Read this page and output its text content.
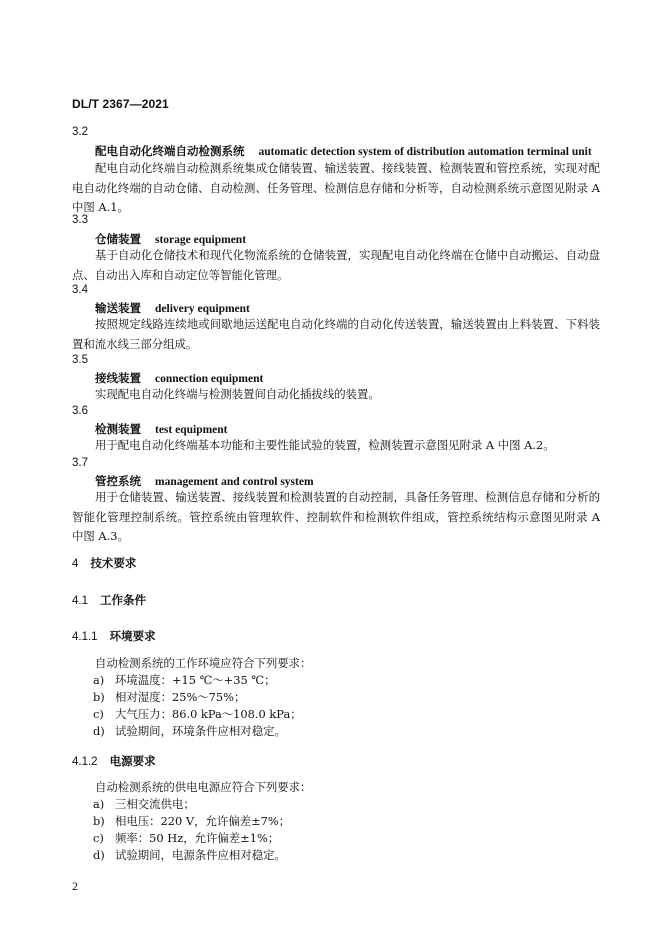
DL/T 2367—2021
3.2
配电自动化终端自动检测系统 automatic detection system of distribution automation terminal unit
配电自动化终端自动检测系统集成仓储装置、输送装置、接线装置、检测装置和管控系统，实现对配电自动化终端的自动仓储、自动检测、任务管理、检测信息存储和分析等，自动检测系统示意图见附录 A 中图 A.1。
3.3
仓储装置 storage equipment
基于自动化仓储技术和现代化物流系统的仓储装置，实现配电自动化终端在仓储中自动搬运、自动盘点、自动出入库和自动定位等智能化管理。
3.4
输送装置 delivery equipment
按照规定线路连续地或间歇地运送配电自动化终端的自动化传送装置，输送装置由上料装置、下料装置和流水线三部分组成。
3.5
接线装置 connection equipment
实现配电自动化终端与检测装置间自动化插拔线的装置。
3.6
检测装置 test equipment
用于配电自动化终端基本功能和主要性能试验的装置，检测装置示意图见附录 A 中图 A.2。
3.7
管控系统 management and control system
用于仓储装置、输送装置、接线装置和检测装置的自动控制，具备任务管理、检测信息存储和分析的智能化管理控制系统。管控系统由管理软件、控制软件和检测软件组成，管控系统结构示意图见附录 A 中图 A.3。
4 技术要求
4.1 工作条件
4.1.1 环境要求
自动检测系统的工作环境应符合下列要求：
a) 环境温度：+15 ℃～+35 ℃；
b) 相对湿度：25%～75%；
c) 大气压力：86.0 kPa～108.0 kPa；
d) 试验期间，环境条件应相对稳定。
4.1.2 电源要求
自动检测系统的供电电源应符合下列要求：
a) 三相交流供电；
b) 相电压：220 V，允许偏差±7%；
c) 频率：50 Hz，允许偏差±1%；
d) 试验期间，电源条件应相对稳定。
2
